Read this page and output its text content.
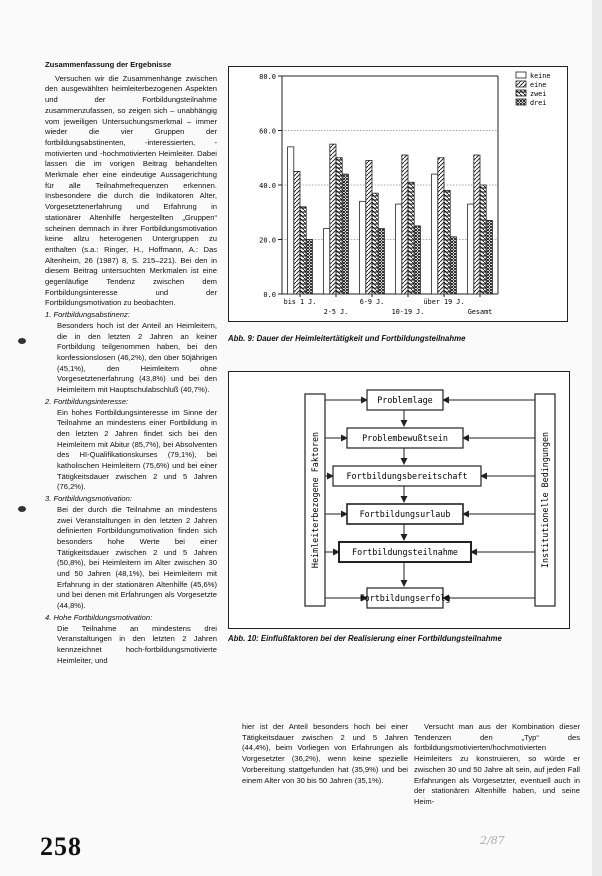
Zusammenfassung der Ergebnisse

Versuchen wir die Zusammenhänge zwischen den ausgewählten heimleiterbezogenen Aspekten und der Fortbildungsteilnahme zusammenzufassen, so zeigen sich – unabhängig vom jeweiligen Untersuchungsmerkmal – immer wieder die vier Gruppen der fortbildungsabstinenten, -interessierten, -motivierten und -hochmotivierten Heimleiter. Dabei lassen die im vorigen Beitrag behandelten Merkmale eher eine eindeutige Aussagerichtung für alle Teilnahmefrequenzen erkennen. Insbesondere die durch die Indikatoren Alter, Vorgesetztenerfahrung und Erfahrung in stationärer Altenhilfe hergestellten „Gruppen“ scheinen demnach in ihrer Fortbildungsmotivation keine allzu heterogenen Untergruppen zu enthalten (s.a.: Ringer, H., Hoffmann, A.: Das Altenheim, 26 (1987) 8, S. 215–221). Bei den in diesem Beitrag untersuchten Merkmalen ist eine gegenläufige Tendenz zwischen dem Fortbildungsinteresse und der Fortbildungsmotivation zu beobachten.

1. Fortbildungsabstinenz:
Besonders hoch ist der Anteil an Heimleitern, die in den letzten 2 Jahren an keiner Fortbildung teilgenommen haben, bei den konfessionslosen (46,2%), den über 50jährigen (45,1%), den Heimleitern ohne Vorgesetztenerfahrung (43,8%) und bei den Heimleitern mit Hauptschulabschluß (40,7%).
2. Fortbildungsinteresse:
Ein hohes Fortbildungsinteresse im Sinne der Teilnahme an mindestens einer Fortbildung in den letzten 2 Jahren findet sich bei den Heimleitern mit Abitur (85,7%), bei Absolventen des HI-Qualifikationskurses (79,1%), bei katholischen Heimleitern (75,6%) und bei einer Tätigkeitsdauer zwischen 2 und 5 Jahren (76,2%).
3. Fortbildungsmotivation:
Bei der durch die Teilnahme an mindestens zwei Veranstaltungen in den letzten 2 Jahren definierten Fortbildungsmotivation finden sich besonders hohe Werte bei einer Tätigkeitsdauer zwischen 2 und 5 Jahren (50,8%), bei Heimleitern im Alter zwischen 30 und 50 Jahren (48,1%), bei Heimleitern mit Erfahrung in der stationären Altenhilfe (45,6%) und bei denen mit Erfahrungen als Vorgesetzte (44,8%).
4. Hohe Fortbildungsmotivation:
Die Teilnahme an mindestens drei Veranstaltungen in den letzten 2 Jahren kennzeichnet hoch-fortbildungsmotivierte Heimleiter, und
0.0
20.0
40.0
60.0
80.0
bis 1 J.
2-5 J.
6-9 J.
10-19 J.
über 19 J.
Gesamt
keine
eine
zwei
drei
Abb. 9: Dauer der Heimleitertätigkeit und Fortbildungsteilnahme
Problemlage
Problembewußtsein
Fortbildungsbereitschaft
Fortbildungsurlaub
Fortbildungsteilnahme
Fortbildungserfolg
Heimleiterbezogene Faktoren	Institutionelle Bedingungen
Abb. 10: Einflußfaktoren bei der Realisierung einer Fortbildungsteilnahme

hier ist der Anteil besonders hoch bei einer Tätigkeitsdauer zwischen 2 und 5 Jahren (44,4%), beim Vorliegen von Erfahrungen als Vorgesetzter (36,2%), wenn keine spezielle Vorbereitung stattgefunden hat (35,9%) und bei einem Alter von 30 bis 50 Jahren (35,1%).

Versucht man aus der Kombination dieser Tendenzen den „Typ“ des fortbildungsmotivierten/hochmotivierten Heimleiters zu konstruieren, so würde er zwischen 30 und 50 Jahre alt sein, auf jeden Fall Erfahrungen als Vorgesetzter, eventuell auch in der stationären Altenhilfe haben, und seine Heim-

258	2/87
